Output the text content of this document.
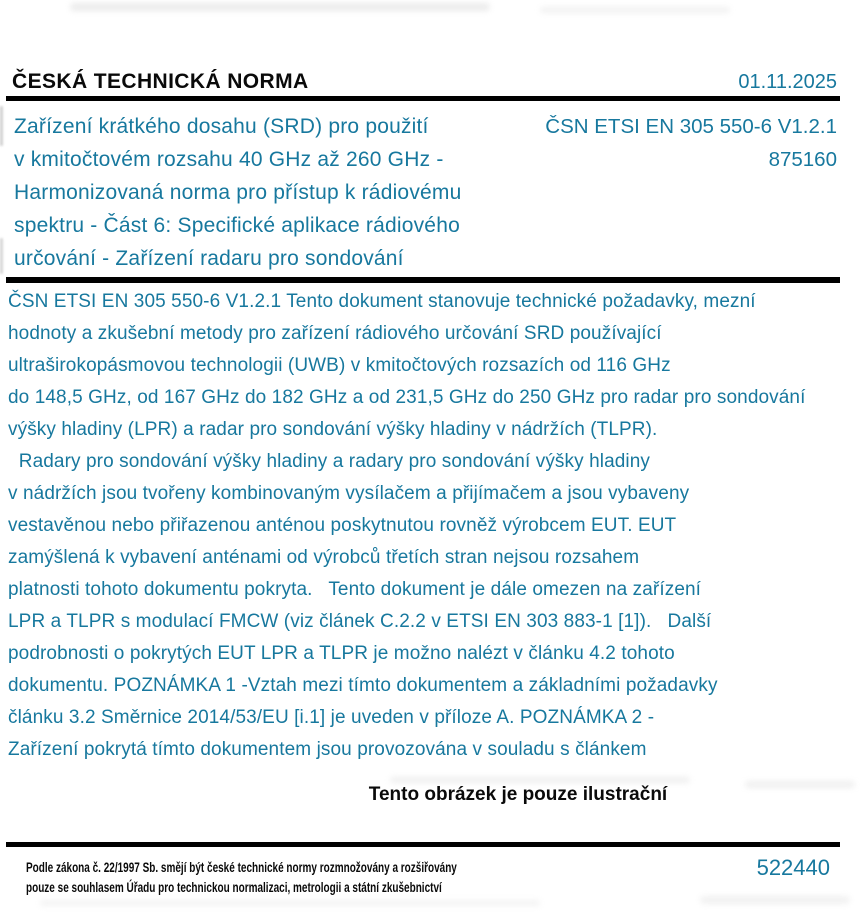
ČESKÁ TECHNICKÁ NORMA	01.11.2025
Zařízení krátkého dosahu (SRD) pro použití
v kmitočtovém rozsahu 40 GHz až 260 GHz -
Harmonizovaná norma pro přístup k rádiovému
spektru - Část 6: Specifické aplikace rádiového
určování - Zařízení radaru pro sondování
ČSN ETSI EN 305 550-6 V1.2.1
875160
ČSN ETSI EN 305 550-6 V1.2.1 Tento dokument stanovuje technické požadavky, mezní
hodnoty a zkušební metody pro zařízení rádiového určování SRD používající
ultraširokopásmovou technologii (UWB) v kmitočtových rozsazích od 116 GHz
do 148,5 GHz, od 167 GHz do 182 GHz a od 231,5 GHz do 250 GHz pro radar pro sondování
výšky hladiny (LPR) a radar pro sondování výšky hladiny v nádržích (TLPR).
Radary pro sondování výšky hladiny a radary pro sondování výšky hladiny
v nádržích jsou tvořeny kombinovaným vysílačem a přijímačem a jsou vybaveny
vestavěnou nebo přiřazenou anténou poskytnutou rovněž výrobcem EUT. EUT
zamýšlená k vybavení anténami od výrobců třetích stran nejsou rozsahem
platnosti tohoto dokumentu pokryta.   Tento dokument je dále omezen na zařízení
LPR a TLPR s modulací FMCW (viz článek C.2.2 v ETSI EN 303 883-1 [1]).   Další
podrobnosti o pokrytých EUT LPR a TLPR je možno nalézt v článku 4.2 tohoto
dokumentu. POZNÁMKA 1 -Vztah mezi tímto dokumentem a základními požadavky
článku 3.2 Směrnice 2014/53/EU [i.1] je uveden v příloze A. POZNÁMKA 2 -
Zařízení pokrytá tímto dokumentem jsou provozována v souladu s článkem
Tento obrázek je pouze ilustrační
Podle zákona č. 22/1997 Sb. smějí být české technické normy rozmnožovány a rozšiřovány
pouze se souhlasem Úřadu pro technickou normalizaci, metrologii a státní zkušebnictví
522440
